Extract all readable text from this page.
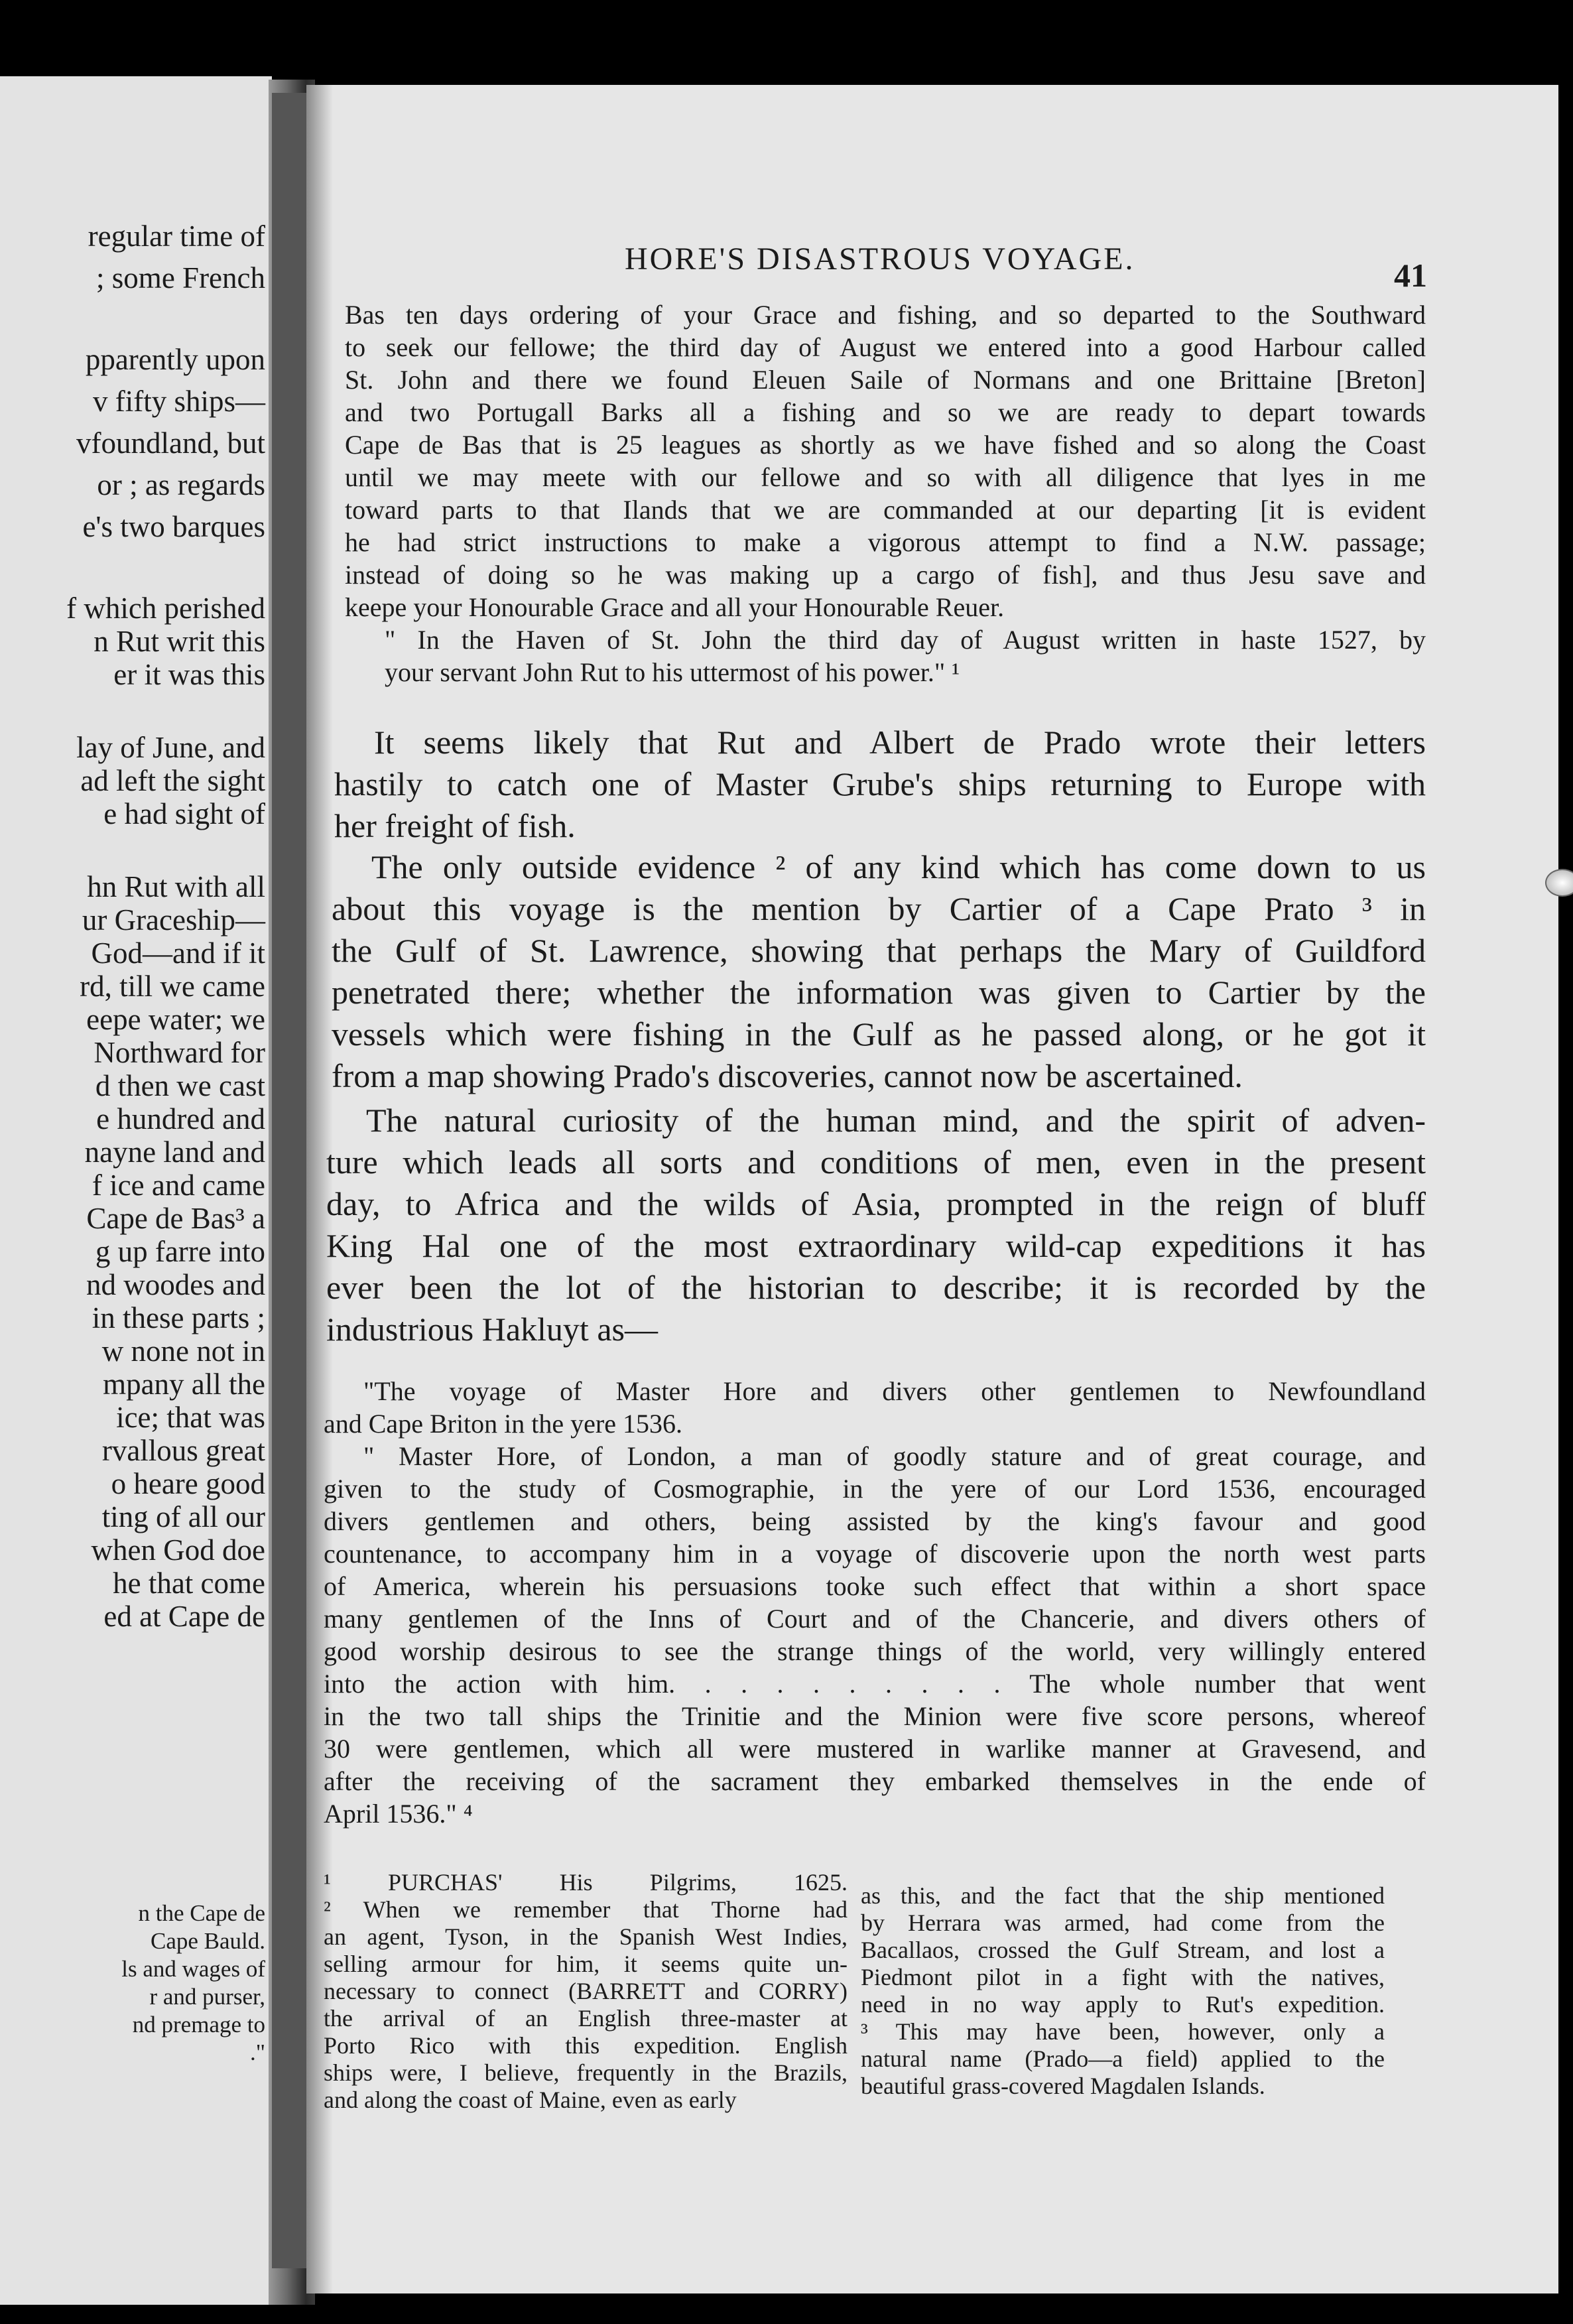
regular time of
; some French
pparently upon
v fifty ships—
vfoundland, but
or ; as regards
e's two barques
f which perished
n Rut writ this
er it was this
lay of June, and
ad left the sight
e had sight of
hn Rut with all
ur Graceship—
God—and if it
rd, till we came
eepe water; we
Northward for
d then we cast
e hundred and
nayne land and
f ice and came
Cape de Bas³ a
g up farre into
nd woodes and
in these parts ;
w none not in
mpany all the
ice; that was
rvallous great
o heare good
ting of all our
when God doe
he that come
ed at Cape de
n the Cape de
Cape Bauld.
ls and wages of
r and purser,
nd premage to
."
HORE'S DISASTROUS VOYAGE.	41
Bas ten days ordering of your Grace and fishing, and so departed to the Southward
to seek our fellowe; the third day of August we entered into a good Harbour called
St. John and there we found Eleuen Saile of Normans and one Brittaine [Breton]
and two Portugall Barks all a fishing and so we are ready to depart towards
Cape de Bas that is 25 leagues as shortly as we have fished and so along the Coast
until we may meete with our fellowe and so with all diligence that lyes in me
toward parts to that Ilands that we are commanded at our departing [it is evident
he had strict instructions to make a vigorous attempt to find a N.W. passage;
instead of doing so he was making up a cargo of fish], and thus Jesu save and
keepe your Honourable Grace and all your Honourable Reuer.
" In the Haven of St. John the third day of August written in haste 1527, by
your servant John Rut to his uttermost of his power." ¹
It seems likely that Rut and Albert de Prado wrote their letters
hastily to catch one of Master Grube's ships returning to Europe with
her freight of fish.
The only outside evidence ² of any kind which has come down to us
about this voyage is the mention by Cartier of a Cape Prato ³ in
the Gulf of St. Lawrence, showing that perhaps the Mary of Guildford
penetrated there; whether the information was given to Cartier by the
vessels which were fishing in the Gulf as he passed along, or he got it
from a map showing Prado's discoveries, cannot now be ascertained.
The natural curiosity of the human mind, and the spirit of adven-
ture which leads all sorts and conditions of men, even in the present
day, to Africa and the wilds of Asia, prompted in the reign of bluff
King Hal one of the most extraordinary wild-cap expeditions it has
ever been the lot of the historian to describe; it is recorded by the
industrious Hakluyt as—
"The voyage of Master Hore and divers other gentlemen to Newfoundland
and Cape Briton in the yere 1536.
" Master Hore, of London, a man of goodly stature and of great courage, and
given to the study of Cosmographie, in the yere of our Lord 1536, encouraged
divers gentlemen and others, being assisted by the king's favour and good
countenance, to accompany him in a voyage of discoverie upon the north west parts
of America, wherein his persuasions tooke such effect that within a short space
many gentlemen of the Inns of Court and of the Chancerie, and divers others of
good worship desirous to see the strange things of the world, very willingly entered
into the action with him. . . . . . . . . . The whole number that went
in the two tall ships the Trinitie and the Minion were five score persons, whereof
30 were gentlemen, which all were mustered in warlike manner at Gravesend, and
after the receiving of the sacrament they embarked themselves in the ende of
April 1536." ⁴
¹ PURCHAS' His Pilgrims, 1625.
² When we remember that Thorne had
an agent, Tyson, in the Spanish West Indies,
selling armour for him, it seems quite un-
necessary to connect (BARRETT and CORRY)
the arrival of an English three-master at
Porto Rico with this expedition. English
ships were, I believe, frequently in the Brazils,
and along the coast of Maine, even as early
as this, and the fact that the ship mentioned
by Herrara was armed, had come from the
Bacallaos, crossed the Gulf Stream, and lost a
Piedmont pilot in a fight with the natives,
need in no way apply to Rut's expedition.
³ This may have been, however, only a
natural name (Prado—a field) applied to the
beautiful grass-covered Magdalen Islands.
